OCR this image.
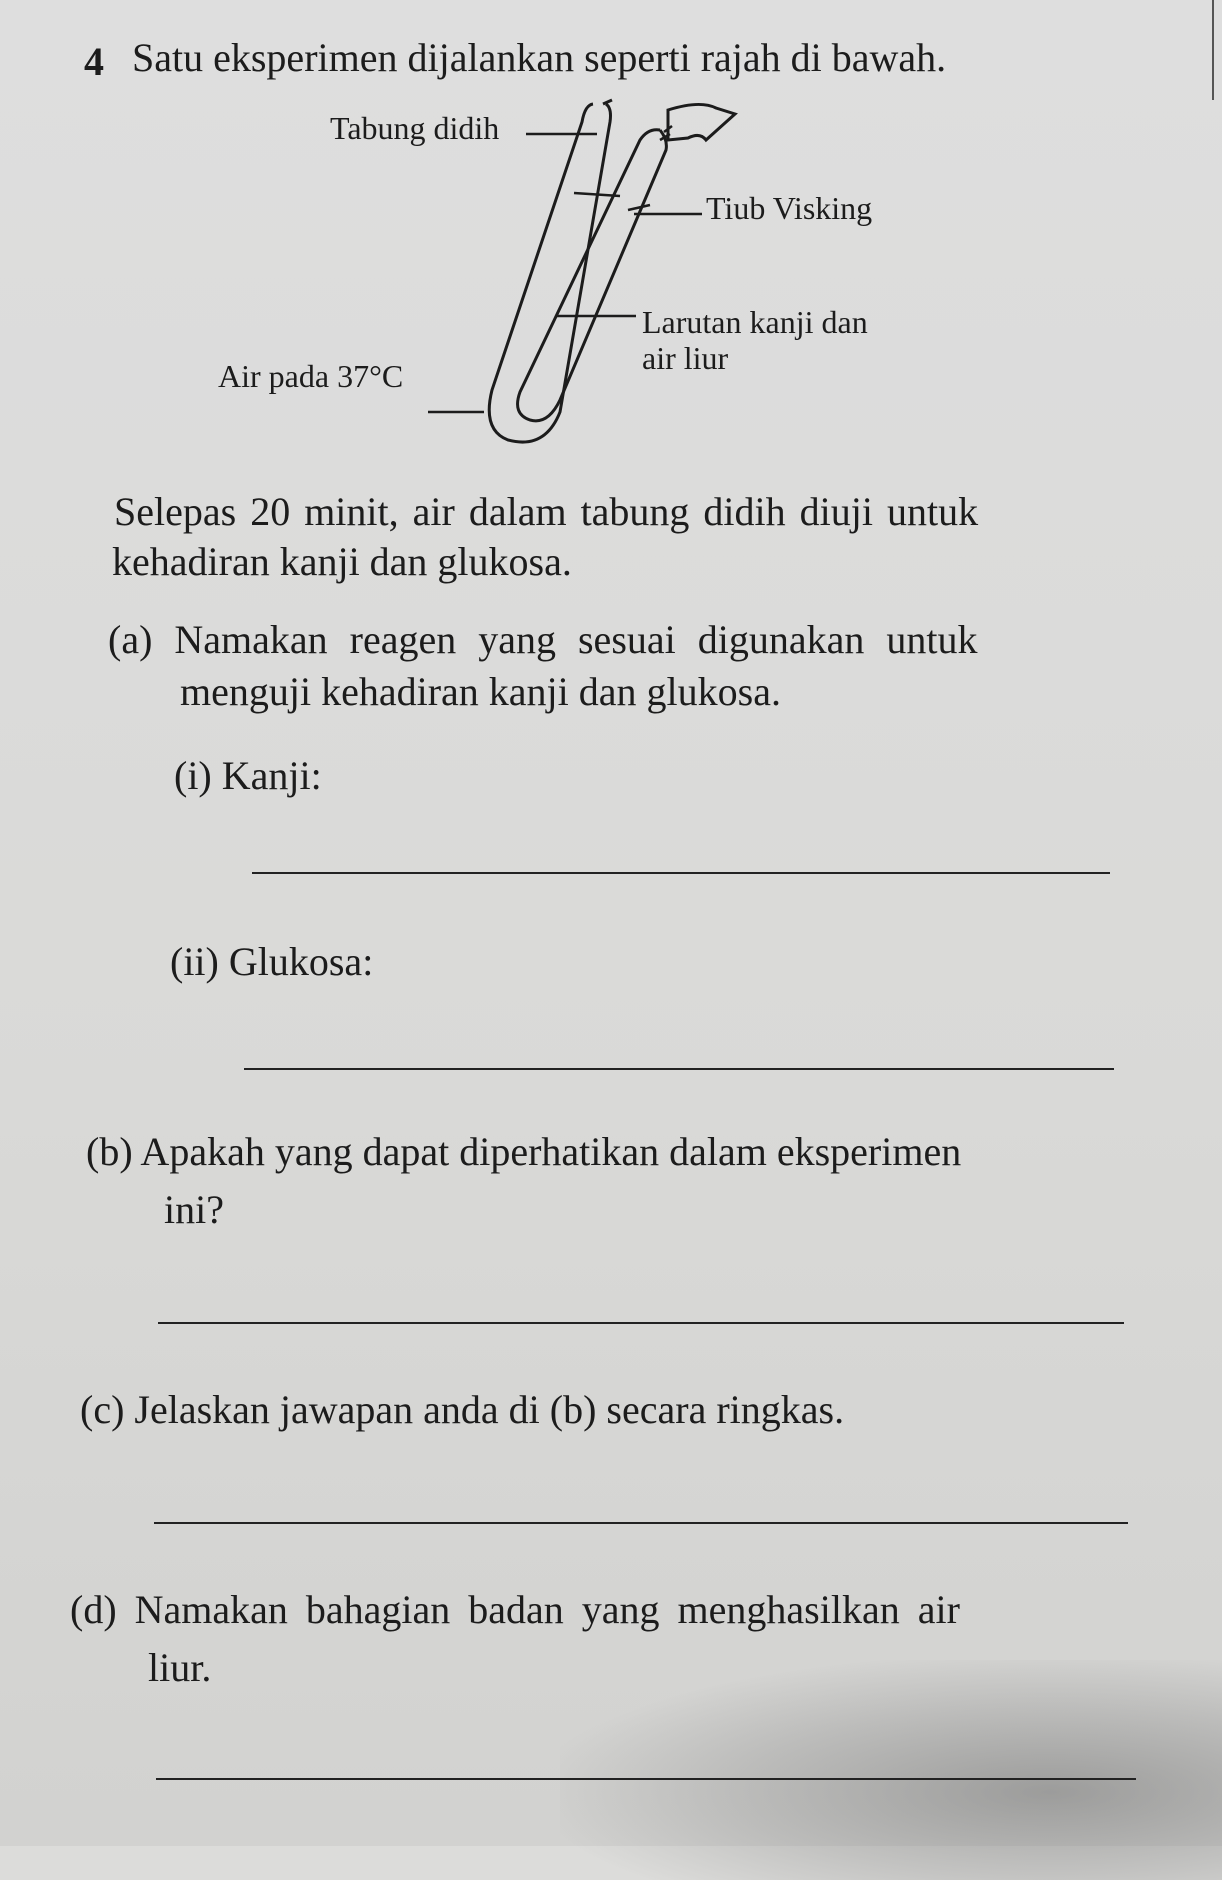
4 Satu eksperimen dijalankan seperti rajah di bawah.
Tabung didih
Tiub Visking
Larutan kanji dan
air liur
Air pada 37°C
Selepas 20 minit, air dalam tabung didih diuji untuk
kehadiran kanji dan glukosa.
(a) Namakan reagen yang sesuai digunakan untuk
menguji kehadiran kanji dan glukosa.
(i) Kanji:
(ii) Glukosa:
(b) Apakah yang dapat diperhatikan dalam eksperimen
ini?
(c) Jelaskan jawapan anda di (b) secara ringkas.
(d) Namakan bahagian badan yang menghasilkan air
liur.
